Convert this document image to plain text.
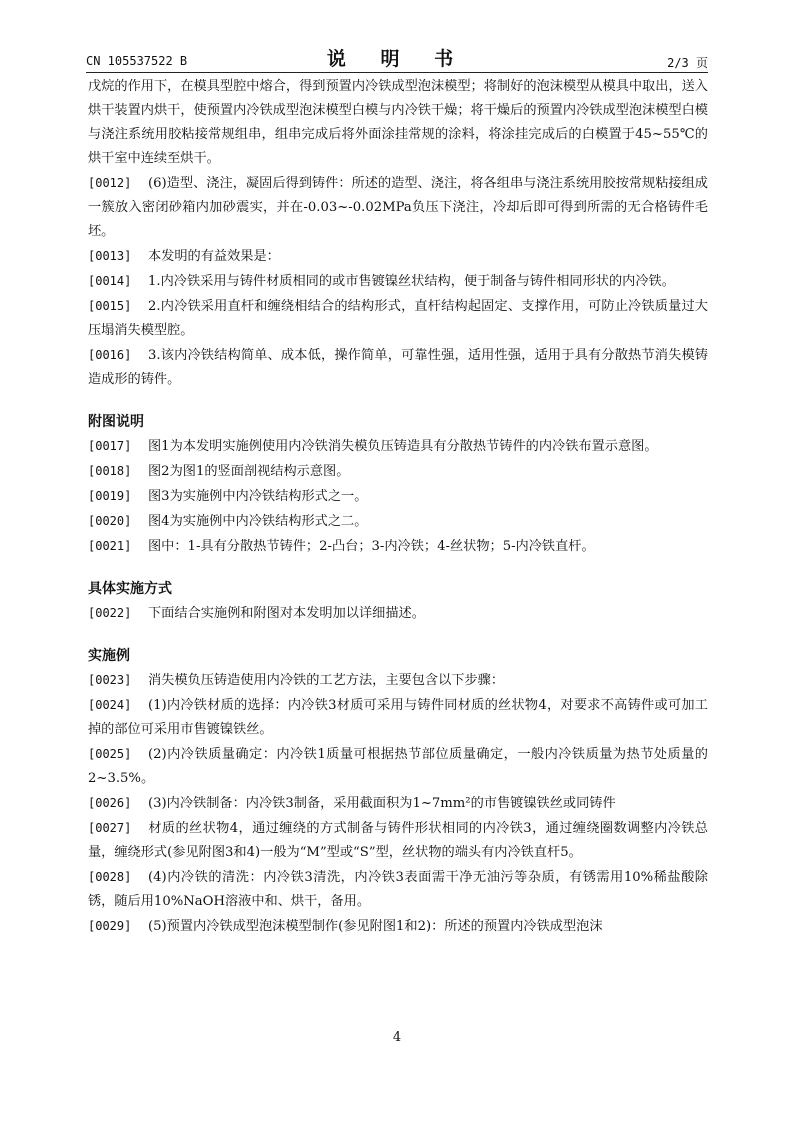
CN 105537522 B	说 明 书	2/3 页

戊烷的作用下，在模具型腔中熔合，得到预置内冷铁成型泡沫模型；将制好的泡沫模型从模具中取出，送入烘干装置内烘干，使预置内冷铁成型泡沫模型白模与内冷铁干燥；将干燥后的预置内冷铁成型泡沫模型白模与浇注系统用胶粘接常规组串，组串完成后将外面涂挂常规的涂料，将涂挂完成后的白模置于45~55℃的烘干室中连续至烘干。

[0012] (6)造型、浇注，凝固后得到铸件：所述的造型、浇注，将各组串与浇注系统用胶按常规粘接组成一簇放入密闭砂箱内加砂震实，并在-0.03~-0.02MPa负压下浇注，冷却后即可得到所需的无合格铸件毛坯。

[0013] 本发明的有益效果是：

[0014] 1.内冷铁采用与铸件材质相同的或市售镀镍丝状结构，便于制备与铸件相同形状的内冷铁。

[0015] 2.内冷铁采用直杆和缠绕相结合的结构形式，直杆结构起固定、支撑作用，可防止冷铁质量过大压塌消失模型腔。

[0016] 3.该内冷铁结构简单、成本低，操作简单，可靠性强，适用性强，适用于具有分散热节消失模铸造成形的铸件。

附图说明

[0017] 图1为本发明实施例使用内冷铁消失模负压铸造具有分散热节铸件的内冷铁布置示意图。

[0018] 图2为图1的竖面剖视结构示意图。

[0019] 图3为实施例中内冷铁结构形式之一。

[0020] 图4为实施例中内冷铁结构形式之二。

[0021] 图中：1-具有分散热节铸件；2-凸台；3-内冷铁；4-丝状物；5-内冷铁直杆。

具体实施方式

[0022] 下面结合实施例和附图对本发明加以详细描述。

实施例

[0023] 消失模负压铸造使用内冷铁的工艺方法，主要包含以下步骤：

[0024] (1)内冷铁材质的选择：内冷铁3材质可采用与铸件同材质的丝状物4，对要求不高铸件或可加工掉的部位可采用市售镀镍铁丝。

[0025] (2)内冷铁质量确定：内冷铁1质量可根据热节部位质量确定，一般内冷铁质量为热节处质量的2~3.5%。

[0026] (3)内冷铁制备：内冷铁3制备，采用截面积为1~7mm²的市售镀镍铁丝或同铸件

[0027] 材质的丝状物4，通过缠绕的方式制备与铸件形状相同的内冷铁3，通过缠绕圈数调整内冷铁总量，缠绕形式(参见附图3和4)一般为“M”型或“S”型，丝状物的端头有内冷铁直杆5。

[0028] (4)内冷铁的清洗：内冷铁3清洗，内冷铁3表面需干净无油污等杂质，有锈需用10%稀盐酸除锈，随后用10%NaOH溶液中和、烘干，备用。

[0029] (5)预置内冷铁成型泡沫模型制作(参见附图1和2)：所述的预置内冷铁成型泡沫

4
